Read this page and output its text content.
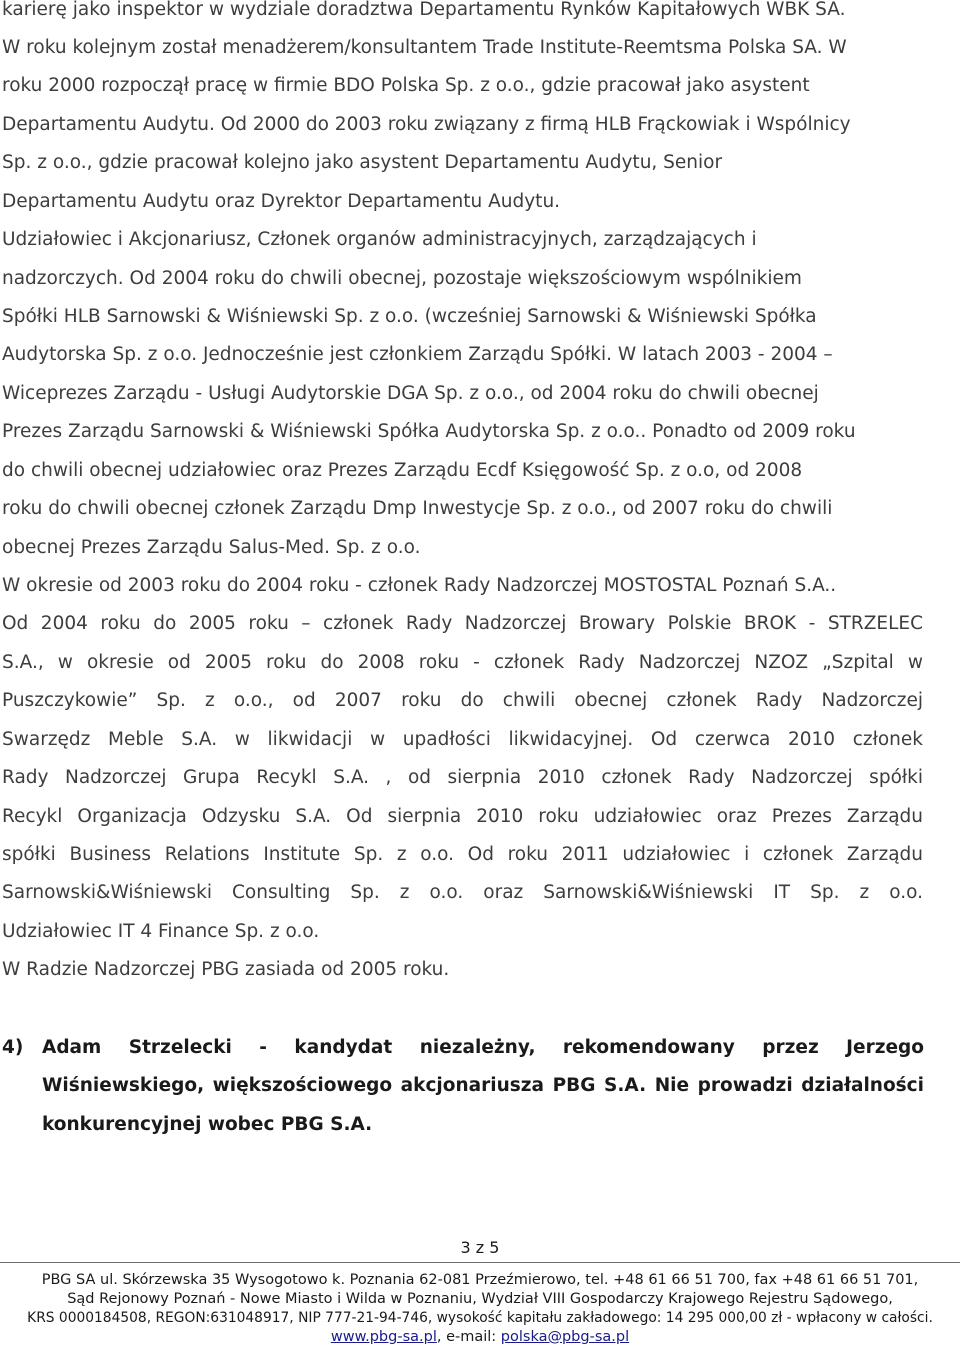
karierę jako inspektor w wydziale doradztwa Departamentu Rynków Kapitałowych WBK SA.
W roku kolejnym został menadżerem/konsultantem Trade Institute-Reemtsma Polska SA. W
roku 2000 rozpoczął pracę w firmie BDO Polska Sp. z o.o., gdzie pracował jako asystent
Departamentu Audytu. Od 2000 do 2003 roku związany z firmą HLB Frąckowiak i Wspólnicy
Sp. z o.o., gdzie pracował kolejno jako asystent Departamentu Audytu, Senior
Departamentu Audytu oraz Dyrektor Departamentu Audytu.
Udziałowiec i Akcjonariusz, Członek organów administracyjnych, zarządzających i
nadzorczych. Od 2004 roku do chwili obecnej, pozostaje większościowym wspólnikiem
Spółki HLB Sarnowski & Wiśniewski Sp. z o.o. (wcześniej Sarnowski & Wiśniewski Spółka
Audytorska Sp. z o.o. Jednocześnie jest członkiem Zarządu Spółki. W latach 2003 - 2004 –
Wiceprezes Zarządu - Usługi Audytorskie DGA Sp. z o.o., od 2004 roku do chwili obecnej
Prezes Zarządu Sarnowski & Wiśniewski Spółka Audytorska Sp. z o.o.. Ponadto od 2009 roku
do chwili obecnej udziałowiec oraz Prezes Zarządu Ecdf Księgowość Sp. z o.o, od 2008
roku do chwili obecnej członek Zarządu Dmp Inwestycje Sp. z o.o., od 2007 roku do chwili
obecnej Prezes Zarządu Salus-Med. Sp. z o.o.
W okresie od 2003 roku do 2004 roku - członek Rady Nadzorczej MOSTOSTAL Poznań S.A..
Od 2004 roku do 2005 roku – członek Rady Nadzorczej Browary Polskie BROK - STRZELEC
S.A., w okresie od 2005 roku do 2008 roku - członek Rady Nadzorczej NZOZ „Szpital w
Puszczykowie” Sp. z o.o., od 2007 roku do chwili obecnej członek Rady Nadzorczej
Swarzędz Meble S.A. w likwidacji w upadłości likwidacyjnej. Od czerwca 2010 członek
Rady Nadzorczej Grupa Recykl S.A. , od sierpnia 2010 członek Rady Nadzorczej spółki
Recykl Organizacja Odzysku S.A. Od sierpnia 2010 roku udziałowiec oraz Prezes Zarządu
spółki Business Relations Institute Sp. z o.o. Od roku 2011 udziałowiec i członek Zarządu
Sarnowski&Wiśniewski Consulting Sp. z o.o. oraz Sarnowski&Wiśniewski IT Sp. z o.o.
Udziałowiec IT 4 Finance Sp. z o.o.
W Radzie Nadzorczej PBG zasiada od 2005 roku.
4) Adam Strzelecki - kandydat niezależny, rekomendowany przez Jerzego
Wiśniewskiego, większościowego akcjonariusza PBG S.A. Nie prowadzi działalności
konkurencyjnej wobec PBG S.A.
3 z 5
PBG SA ul. Skórzewska 35 Wysogotowo k. Poznania 62-081 Przeźmierowo, tel. +48 61 66 51 700, fax +48 61 66 51 701,
Sąd Rejonowy Poznań - Nowe Miasto i Wilda w Poznaniu, Wydział VIII Gospodarczy Krajowego Rejestru Sądowego,
KRS 0000184508, REGON:631048917, NIP 777-21-94-746, wysokość kapitału zakładowego: 14 295 000,00 zł - wpłacony w całości.
www.pbg-sa.pl, e-mail: polska@pbg-sa.pl
